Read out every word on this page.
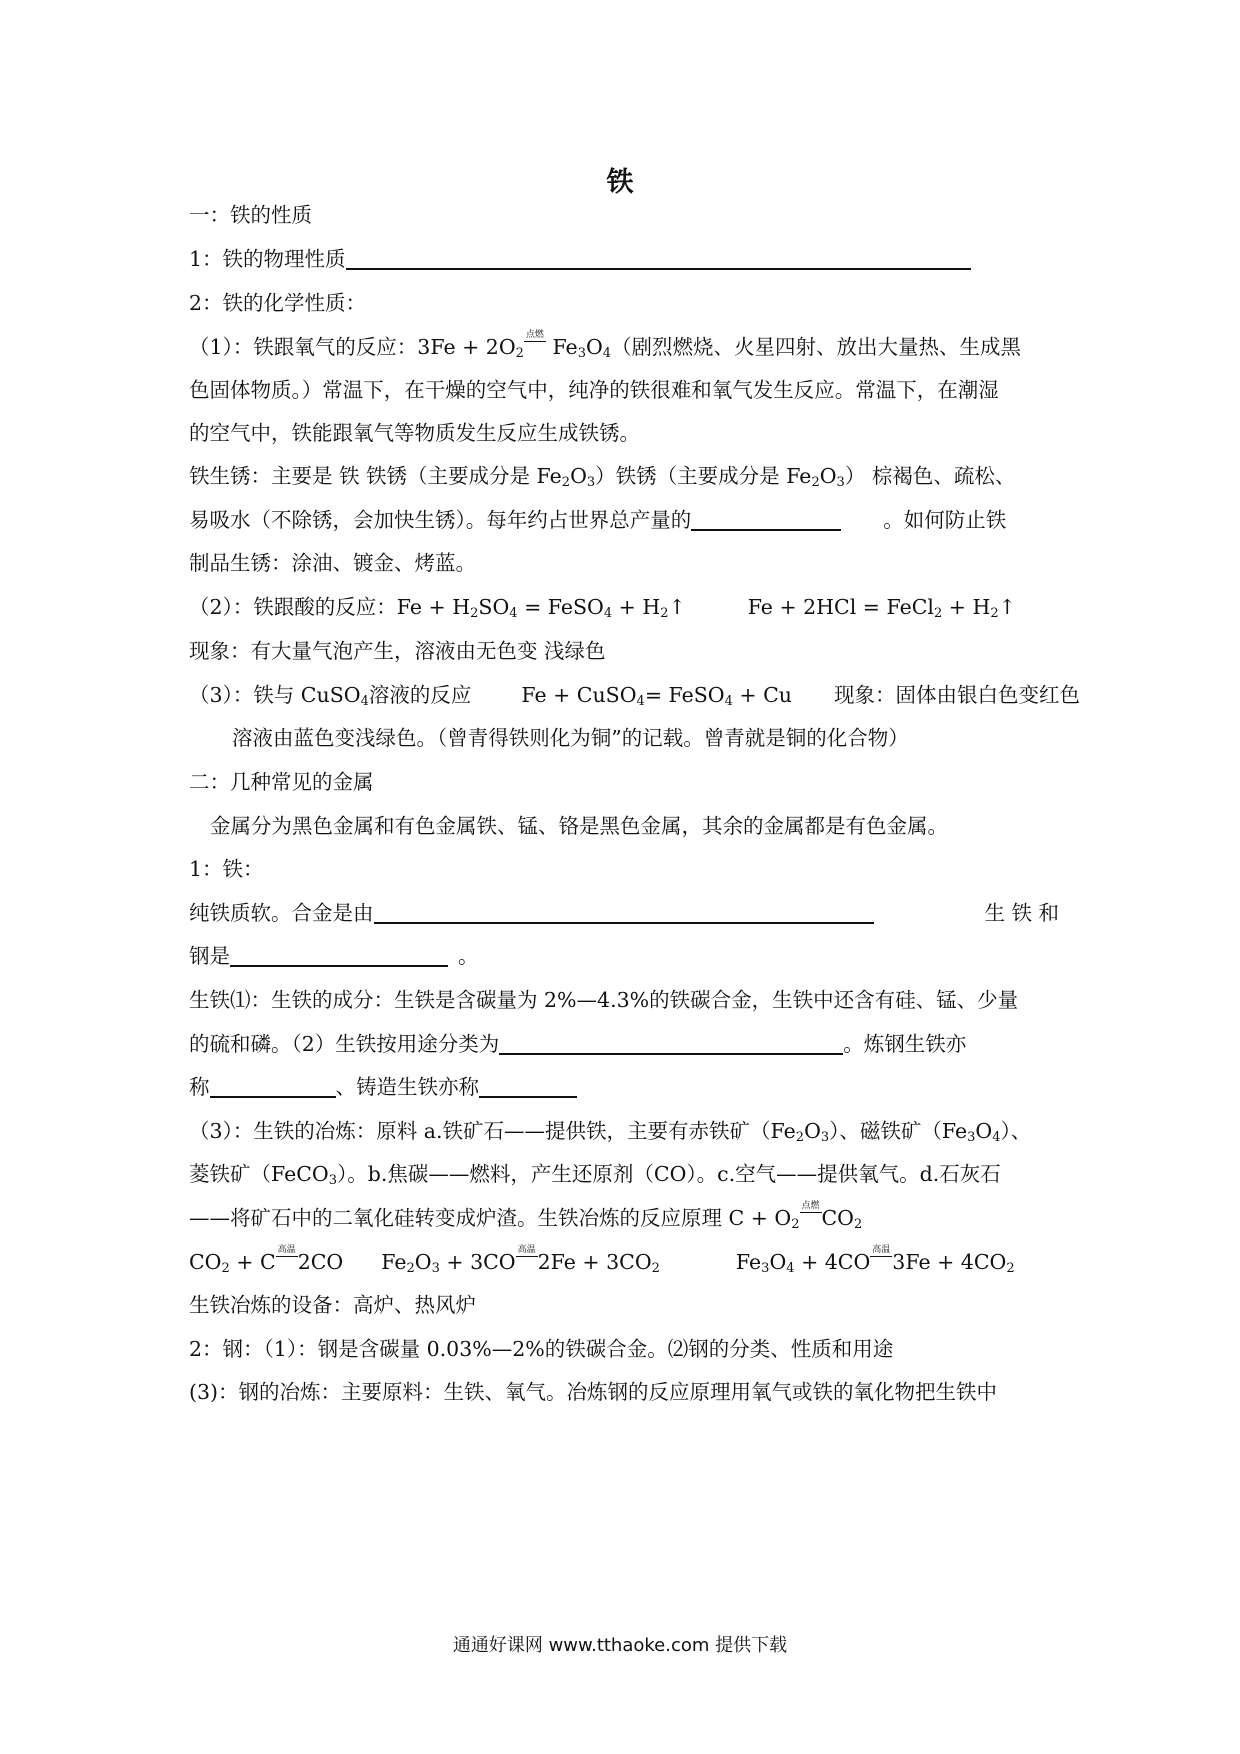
铁
一：铁的性质
1：铁的物理性质
2：铁的化学性质：
（1）：铁跟氧气的反应：$3Fe + 2O_2$
点燃 $Fe_3O_4$（剧烈燃烧、火星四射、放出大量热、生成黑
色固体物质。）常温下，在干燥的空气中，纯净的铁很难和氧气发生反应。常温下，在潮湿
的空气中，铁能跟氧气等物质发生反应生成铁锈。
铁生锈：主要是 铁 铁锈（主要成分是 $Fe_2O_3$）铁锈（主要成分是 $Fe_2O_3$） 棕褐色、疏松、
易吸水（不除锈，会加快生锈）。每年约占世界总产量的	。如何防止铁
制品生锈：涂油、镀金、烤蓝。
（2）：铁跟酸的反应：$Fe + H_2SO_4$ = FeSO$_4$ + $H_2↑$	Fe + 2HCl = FeCl$_2$ + $H_2↑$
现象：有大量气泡产生，溶液由无色变 浅绿色
（3）：铁与 CuSO$_4$溶液的反应 Fe + CuSO$_4$= FeSO$_4$ + Cu 现象：固体由银白色变红色
溶液由蓝色变浅绿色。（曾青得铁则化为铜”的记载。曾青就是铜的化合物）
二：几种常见的金属
金属分为黑色金属和有色金属铁、锰、铬是黑色金属，其余的金属都是有色金属。
1：铁：
纯铁质软。合金是由	生 铁 和
钢是	。
生铁⑴：生铁的成分：生铁是含碳量为 2%—4.3%的铁碳合金，生铁中还含有硅、锰、少量
的硫和磷。（2）生铁按用途分类为	。炼钢生铁亦
称	、铸造生铁亦称
（3）：生铁的冶炼：原料 a.铁矿石——提供铁，主要有赤铁矿$(Fe_2O_3)$、磁铁矿$(Fe_3O_4)$、
菱铁矿（FeCO$_3$）。b.焦碳——燃料，产生还原剂（CO）。c.空气——提供氧气。d.石灰石
——将矿石中的二氧化硅转变成炉渣。生铁冶炼的反应原理 $C + O_2$
点燃 $CO_2$
$CO_2 + C$ 高温 2CO $Fe_2O_3 + 3CO$ 高温 $2Fe + 3CO_2$	$Fe_3O_4 + 4CO$ 高温 $3Fe + 4CO_2$
生铁冶炼的设备：高炉、热风炉
2：钢：（1）：钢是含碳量 0.03%—2%的铁碳合金。⑵钢的分类、性质和用途
(3)：钢的冶炼：主要原料：生铁、氧气。冶炼钢的反应原理用氧气或铁的氧化物把生铁中
通通好课网 www.tthaoke.com 提供下载
